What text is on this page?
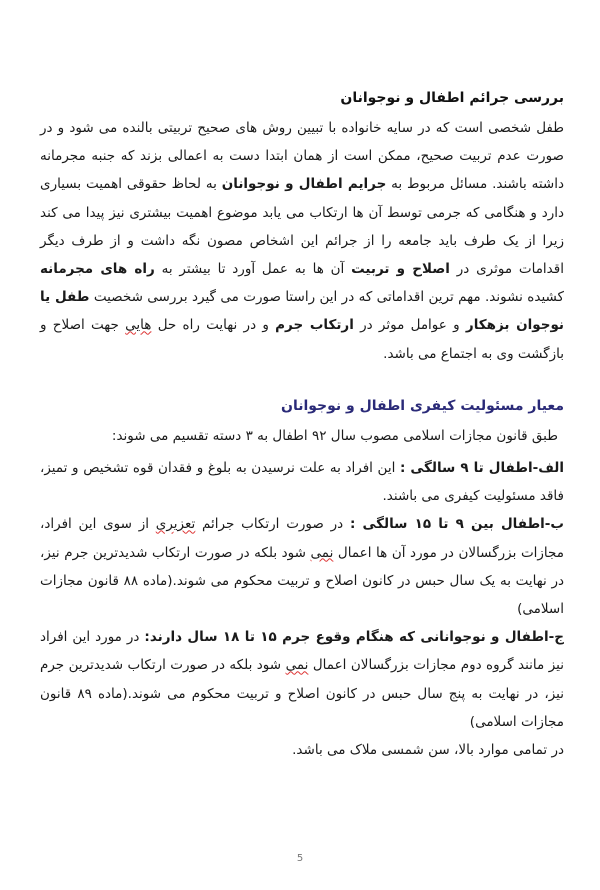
بررسی جرائم اطفال و نوجوانان

طفل شخصی است که در سایه خانواده با تبیین روش های صحیح تربیتی بالنده می شود و در صورت عدم تربیت صحیح، ممکن است از همان ابتدا دست به اعمالی بزند که جنبه مجرمانه داشته باشند. مسائل مربوط به جرایم اطفال و نوجوانان به لحاظ حقوقی اهمیت بسیاری دارد و هنگامی که جرمی توسط آن ها ارتکاب می یابد موضوع اهمیت بیشتری نیز پیدا می کند زیرا از یک طرف باید جامعه را از جرائم این اشخاص مصون نگه داشت و از طرف دیگر اقدامات موثری در اصلاح و تربیت آن ها به عمل آورد تا بیشتر به راه های مجرمانه کشیده نشوند. مهم ترین اقداماتی که در این راستا صورت می گیرد بررسی شخصیت طفل یا نوجوان بزهکار و عوامل موثر در ارتکاب جرم و در نهایت راه حل هایی جهت اصلاح و بازگشت وی به اجتماع می باشد.

معیار مسئولیت کیفری اطفال و نوجوانان

طبق قانون مجازات اسلامی مصوب سال ۹۲ اطفال به ۳ دسته تقسیم می شوند:

الف-اطفال تا ۹ سالگی : این افراد به علت نرسیدن به بلوغ و فقدان قوه تشخیص و تمیز، فاقد مسئولیت کیفری می باشند.

ب-اطفال بین ۹ تا ۱۵ سالگی : در صورت ارتکاب جرائم تعزیری از سوی این افراد، مجازات بزرگسالان در مورد آن ها اعمال نمی شود بلکه در صورت ارتکاب شدیدترین جرم نیز، در نهایت به یک سال حبس در کانون اصلاح و تربیت محکوم می شوند.(ماده ۸۸ قانون مجازات اسلامی)

ج-اطفال و نوجوانانی که هنگام وقوع جرم ۱۵ تا ۱۸ سال دارند: در مورد این افراد نیز مانند گروه دوم مجازات بزرگسالان اعمال نمی شود بلکه در صورت ارتکاب شدیدترین جرم نیز، در نهایت به پنج سال حبس در کانون اصلاح و تربیت محکوم می شوند.(ماده ۸۹ قانون مجازات اسلامی)

در تمامی موارد بالا، سن شمسی ملاک می باشد.

5
